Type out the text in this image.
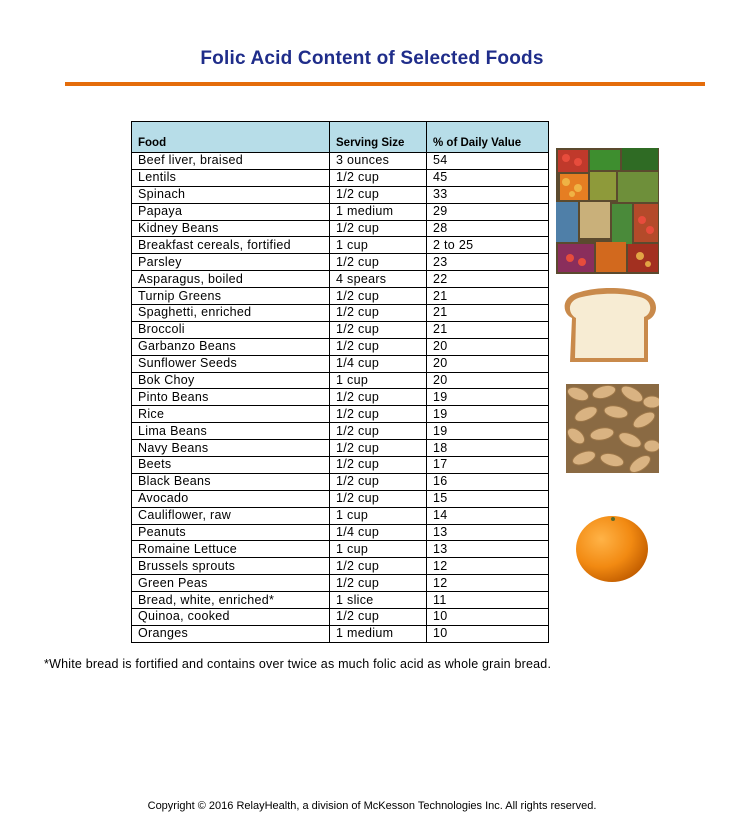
Folic Acid Content of Selected Foods
Food	Serving Size	% of Daily Value
Beef liver, braised	3 ounces	54
Lentils	1/2 cup	45
Spinach	1/2 cup	33
Papaya	1 medium	29
Kidney Beans	1/2 cup	28
Breakfast cereals, fortified	1 cup	2 to 25
Parsley	1/2 cup	23
Asparagus, boiled	4 spears	22
Turnip Greens	1/2 cup	21
Spaghetti, enriched	1/2 cup	21
Broccoli	1/2 cup	21
Garbanzo Beans	1/2 cup	20
Sunflower Seeds	1/4 cup	20
Bok Choy	1 cup	20
Pinto Beans	1/2 cup	19
Rice	1/2 cup	19
Lima Beans	1/2 cup	19
Navy Beans	1/2 cup	18
Beets	1/2 cup	17
Black Beans	1/2 cup	16
Avocado	1/2 cup	15
Cauliflower, raw	1 cup	14
Peanuts	1/4 cup	13
Romaine Lettuce	1 cup	13
Brussels sprouts	1/2 cup	12
Green Peas	1/2 cup	12
Bread, white, enriched*	1 slice	11
Quinoa, cooked	1/2 cup	10
Oranges	1 medium	10
*White bread is fortified and contains over twice as much folic acid as whole grain bread.
Copyright © 2016 RelayHealth, a division of McKesson Technologies Inc. All rights reserved.
